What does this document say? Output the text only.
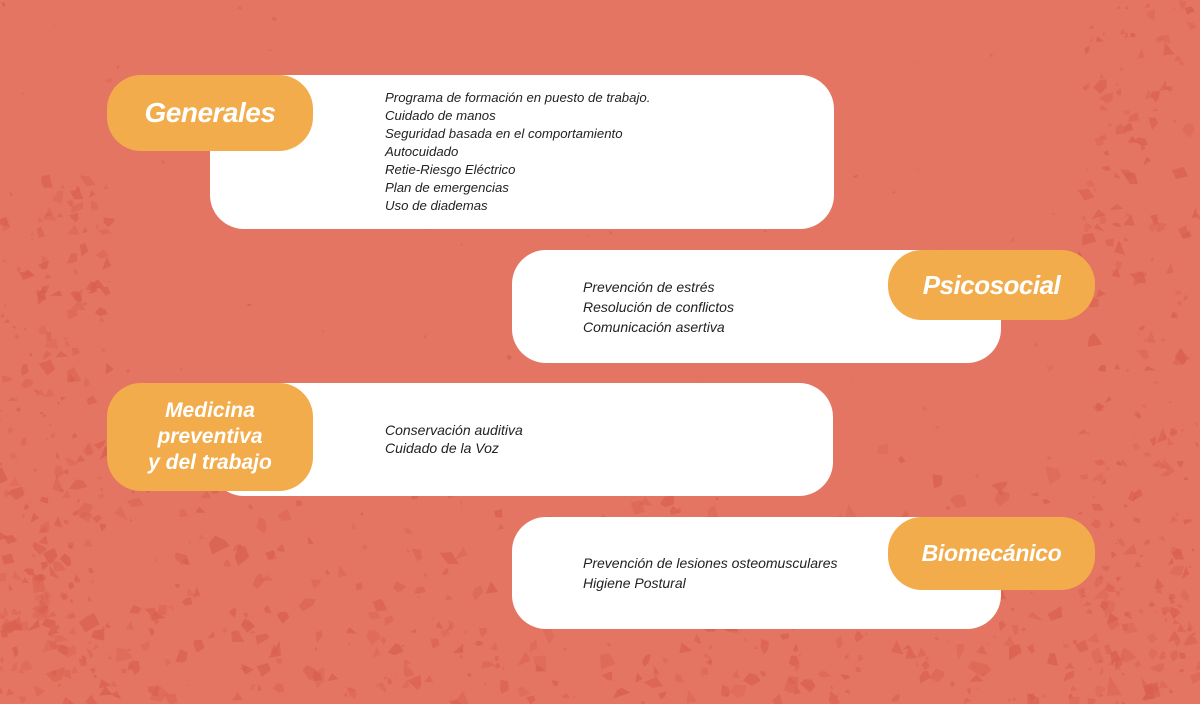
Generales	Programa de formación en puesto de trabajo.
Cuidado de manos
Seguridad basada en el comportamiento
Autocuidado
Retie-Riesgo Eléctrico
Plan de emergencias
Uso de diademas
Psicosocial
Prevención de estrés
Resolución de conflictos
Comunicación asertiva
Medicina
preventiva
y del trabajo
Conservación auditiva
Cuidado de la Voz
Biomecánico
Prevención de lesiones osteomusculares
Higiene Postural
